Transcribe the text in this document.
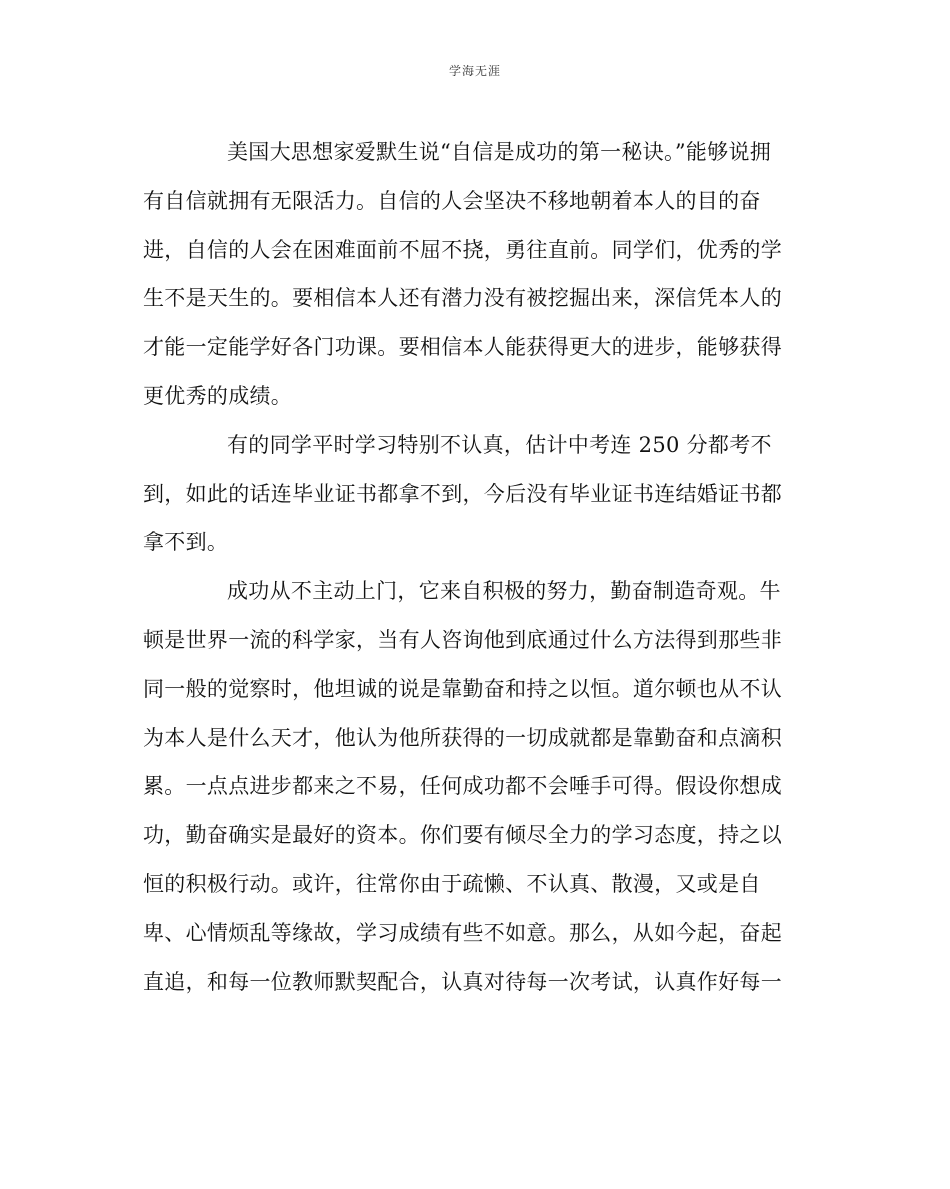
学海无涯
美国大思想家爱默生说“自信是成功的第一秘诀。”能够说拥
有自信就拥有无限活力。自信的人会坚决不移地朝着本人的目的奋
进，自信的人会在困难面前不屈不挠，勇往直前。同学们，优秀的学
生不是天生的。要相信本人还有潜力没有被挖掘出来，深信凭本人的
才能一定能学好各门功课。要相信本人能获得更大的进步，能够获得
更优秀的成绩。
有的同学平时学习特别不认真，估计中考连 250 分都考不
到，如此的话连毕业证书都拿不到，今后没有毕业证书连结婚证书都
拿不到。
成功从不主动上门，它来自积极的努力，勤奋制造奇观。牛
顿是世界一流的科学家，当有人咨询他到底通过什么方法得到那些非
同一般的觉察时，他坦诚的说是靠勤奋和持之以恒。道尔顿也从不认
为本人是什么天才，他认为他所获得的一切成就都是靠勤奋和点滴积
累。一点点进步都来之不易，任何成功都不会唾手可得。假设你想成
功，勤奋确实是最好的资本。你们要有倾尽全力的学习态度，持之以
恒的积极行动。或许，往常你由于疏懒、不认真、散漫，又或是自
卑、心情烦乱等缘故，学习成绩有些不如意。那么，从如今起，奋起
直追，和每一位教师默契配合，认真对待每一次考试，认真作好每一
